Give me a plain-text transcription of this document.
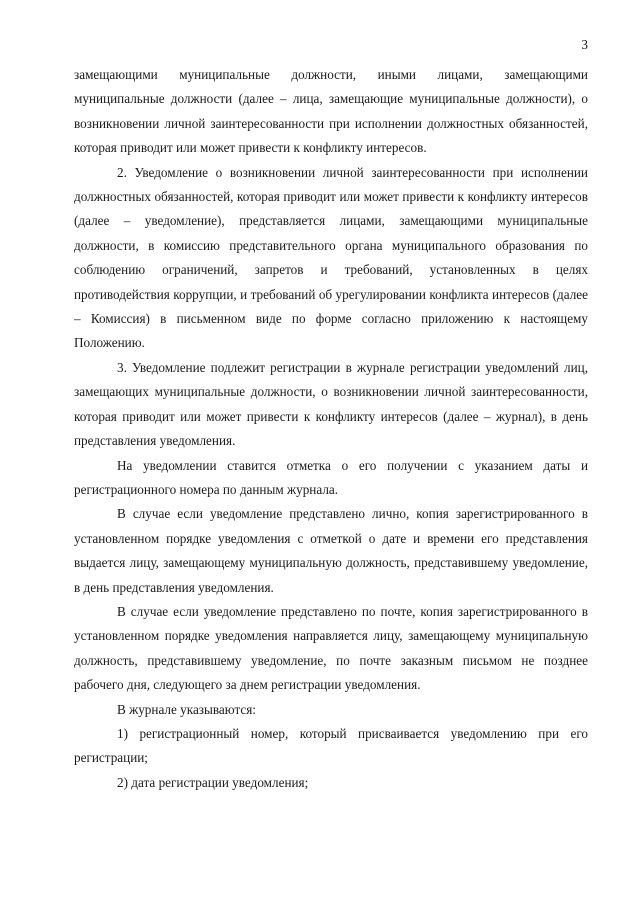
3

замещающими муниципальные должности, иными лицами, замещающими муниципальные должности (далее – лица, замещающие муниципальные должности), о возникновении личной заинтересованности при исполнении должностных обязанностей, которая приводит или может привести к конфликту интересов.

2. Уведомление о возникновении личной заинтересованности при исполнении должностных обязанностей, которая приводит или может привести к конфликту интересов (далее – уведомление), представляется лицами, замещающими муниципальные должности, в комиссию представительного органа муниципального образования по соблюдению ограничений, запретов и требований, установленных в целях противодействия коррупции, и требований об урегулировании конфликта интересов (далее – Комиссия) в письменном виде по форме согласно приложению к настоящему Положению.

3. Уведомление подлежит регистрации в журнале регистрации уведомлений лиц, замещающих муниципальные должности, о возникновении личной заинтересованности, которая приводит или может привести к конфликту интересов (далее – журнал), в день представления уведомления.

На уведомлении ставится отметка о его получении с указанием даты и регистрационного номера по данным журнала.

В случае если уведомление представлено лично, копия зарегистрированного в установленном порядке уведомления с отметкой о дате и времени его представления выдается лицу, замещающему муниципальную должность, представившему уведомление, в день представления уведомления.

В случае если уведомление представлено по почте, копия зарегистрированного в установленном порядке уведомления направляется лицу, замещающему муниципальную должность, представившему уведомление, по почте заказным письмом не позднее рабочего дня, следующего за днем регистрации уведомления.

В журнале указываются:

1) регистрационный номер, который присваивается уведомлению при его регистрации;

2) дата регистрации уведомления;
